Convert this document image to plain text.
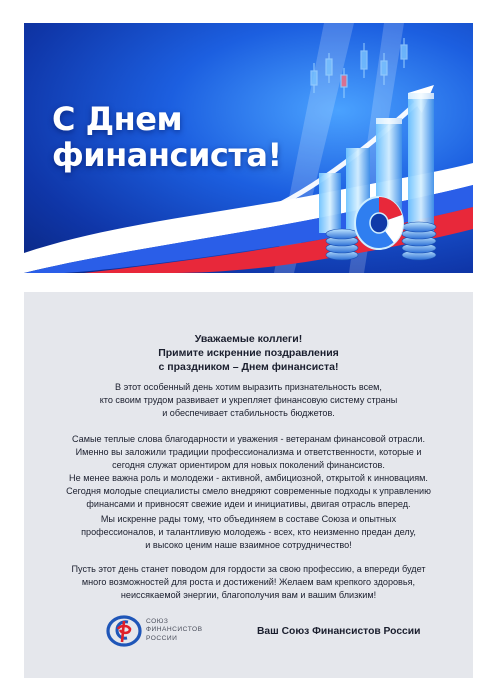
С Днем
финансиста!
Уважаемые коллеги!
Примите искренние поздравления
с праздником – Днем финансиста!
В этот особенный день хотим выразить признательность всем,
кто своим трудом развивает и укрепляет финансовую систему страны
и обеспечивает стабильность бюджетов.
Самые теплые слова благодарности и уважения - ветеранам финансовой отрасли.
Именно вы заложили традиции профессионализма и ответственности, которые и
сегодня служат ориентиром для новых поколений финансистов.
Не менее важна роль и молодежи - активной, амбициозной, открытой к инновациям.
Сегодня молодые специалисты смело внедряют современные подходы к управлению
финансами и привносят свежие идеи и инициативы, двигая отрасль вперед.
Мы искренне рады тому, что объединяем в составе Союза и опытных
профессионалов, и талантливую молодежь - всех, кто неизменно предан делу,
и высоко ценим наше взаимное сотрудничество!
Пусть этот день станет поводом для гордости за свою профессию, а впереди будет
много возможностей для роста и достижений! Желаем вам крепкого здоровья,
неиссякаемой энергии, благополучия вам и вашим близким!
СОЮЗ
ФИНАНСИСТОВ
РОССИИ
Ваш Союз Финансистов России
